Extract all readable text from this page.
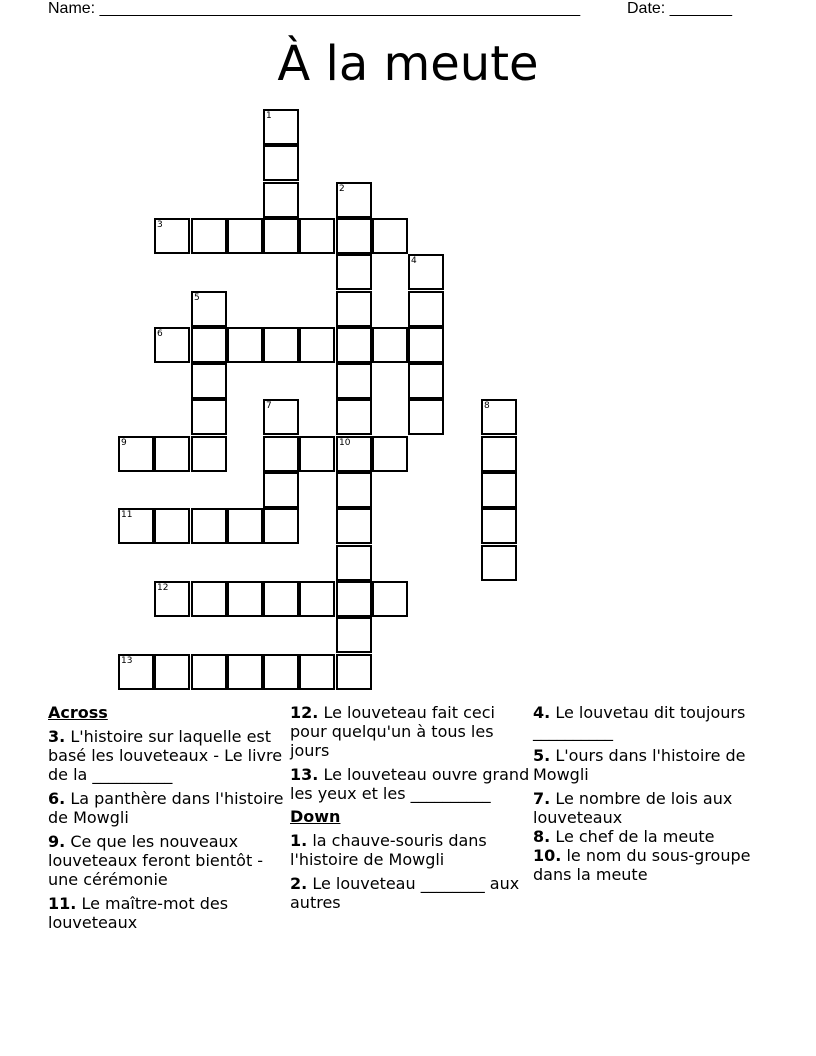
Name: ______________________________________________________	Date: _______
À la meute
1
2
10
3
4
5
6
8
7
9
11
12
13
Across
3. L'histoire sur laquelle est basé les louveteaux - Le livre de la __________
6. La panthère dans l'histoire de Mowgli
9. Ce que les nouveaux louveteaux feront bientôt - une cérémonie
11. Le maître-mot des louveteaux
12. Le louveteau fait ceci pour quelqu'un à tous les jours
13. Le louveteau ouvre grand les yeux et les __________
Down
1. la chauve-souris dans l'histoire de Mowgli
2. Le louveteau ________ aux autres
4. Le louvetau dit toujours __________
5. L'ours dans l'histoire de Mowgli
7. Le nombre de lois aux louveteaux
8. Le chef de la meute
10. le nom du sous-groupe dans la meute
